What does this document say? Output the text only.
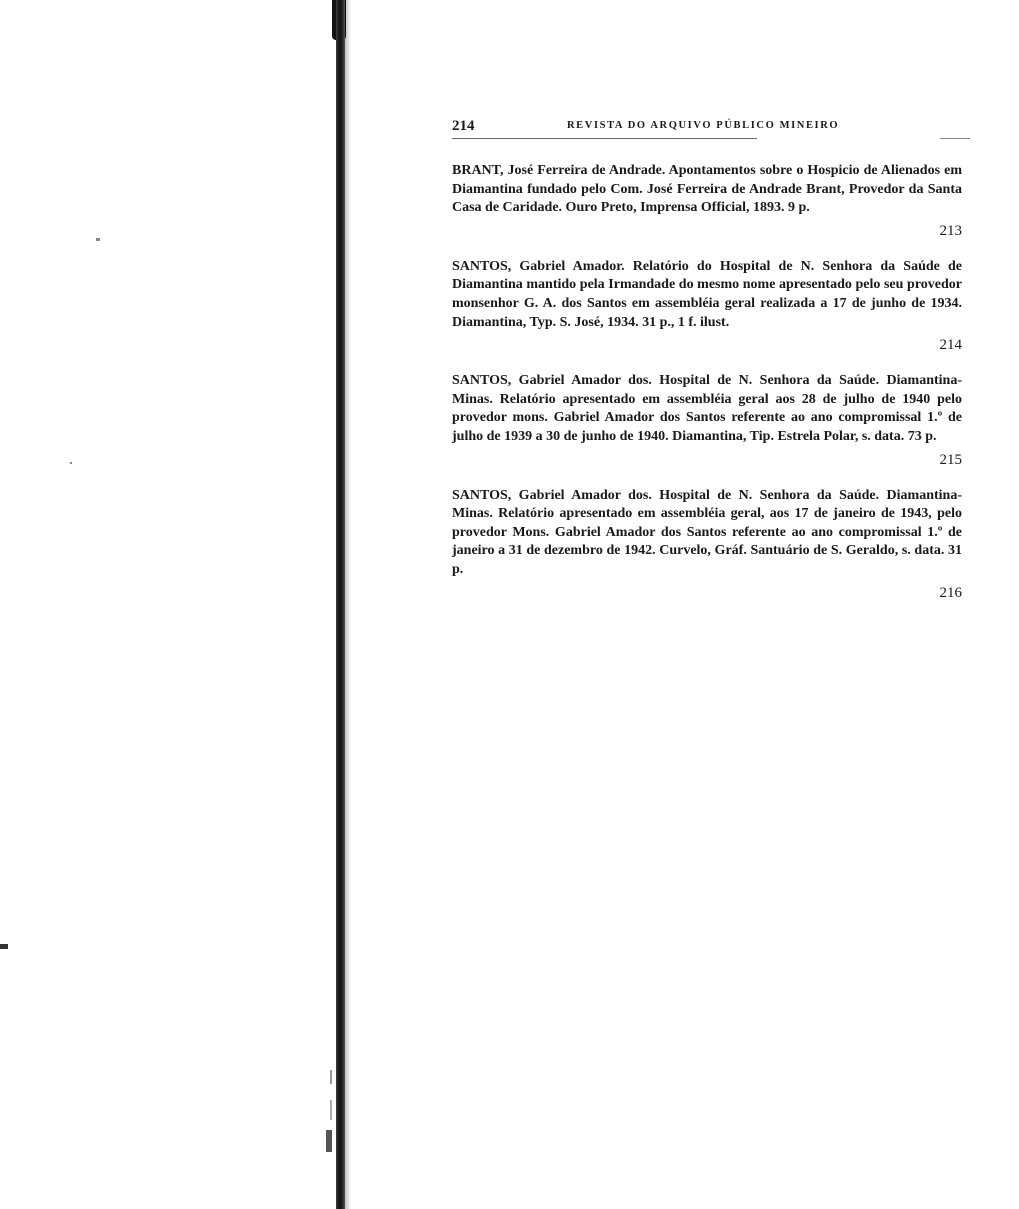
214	REVISTA DO ARQUIVO PÚBLICO MINEIRO

BRANT, José Ferreira de Andrade. Apontamentos sobre o Hospicio de Alienados em Diamantina fundado pelo Com. José Ferreira de Andrade Brant, Provedor da Santa Casa de Caridade. Ouro Preto, Imprensa Official, 1893. 9 p.

213

SANTOS, Gabriel Amador. Relatório do Hospital de N. Senhora da Saúde de Diamantina mantido pela Irmandade do mesmo nome apresentado pelo seu provedor monsenhor G. A. dos Santos em assembléia geral realizada a 17 de junho de 1934. Diamantina, Typ. S. José, 1934. 31 p., 1 f. ilust.

214

SANTOS, Gabriel Amador dos. Hospital de N. Senhora da Saúde. Diamantina-Minas. Relatório apresentado em assembléia geral aos 28 de julho de 1940 pelo provedor mons. Gabriel Amador dos Santos referente ao ano compromissal 1.º de julho de 1939 a 30 de junho de 1940. Diamantina, Tip. Estrela Polar, s. data. 73 p.

215

SANTOS, Gabriel Amador dos. Hospital de N. Senhora da Saúde. Diamantina-Minas. Relatório apresentado em assembléia geral, aos 17 de janeiro de 1943, pelo provedor Mons. Gabriel Amador dos Santos referente ao ano compromissal 1.º de janeiro a 31 de dezembro de 1942. Curvelo, Gráf. Santuário de S. Geraldo, s. data. 31 p.

216
